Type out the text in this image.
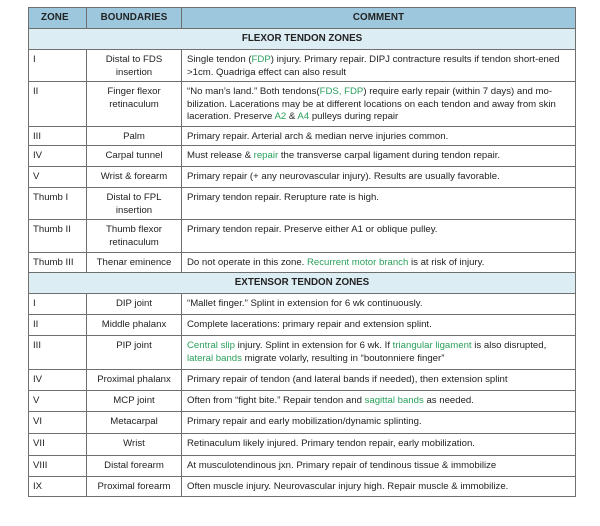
ZONE	BOUNDARIES	COMMENT
FLEXOR TENDON ZONES		
I	Distal to FDS insertion	Single tendon (FDP) injury. Primary repair. DIPJ contracture results if tendon short-ened >1cm. Quadriga effect can also result
II	Finger flexor retinaculum	“No man’s land.” Both tendons(FDS, FDP) require early repair (within 7 days) and mo-bilization. Lacerations may be at different locations on each tendon and away from skin laceration. Preserve A2 & A4 pulleys during repair
III	Palm	Primary repair. Arterial arch & median nerve injuries common.
IV	Carpal tunnel	Must release & repair the transverse carpal ligament during tendon repair.
V	Wrist & forearm	Primary repair (+ any neurovascular injury). Results are usually favorable.
Thumb I	Distal to FPL insertion	Primary tendon repair. Rerupture rate is high.
Thumb II	Thumb flexor retinaculum	Primary tendon repair. Preserve either A1 or oblique pulley.
Thumb III	Thenar eminence	Do not operate in this zone. Recurrent motor branch is at risk of injury.
EXTENSOR TENDON ZONES		
I	DIP joint	“Mallet finger.” Splint in extension for 6 wk continuously.
II	Middle phalanx	Complete lacerations: primary repair and extension splint.
III	PIP joint	Central slip injury. Splint in extension for 6 wk. If triangular ligament is also disrupted, lateral bands migrate volarly, resulting in “boutonniere finger”
IV	Proximal phalanx	Primary repair of tendon (and lateral bands if needed), then extension splint
V	MCP joint	Often from “fight bite.” Repair tendon and sagittal bands as needed.
VI	Metacarpal	Primary repair and early mobilization/dynamic splinting.
VII	Wrist	Retinaculum likely injured. Primary tendon repair, early mobilization.
VIII	Distal forearm	At musculotendinous jxn. Primary repair of tendinous tissue & immobilize
IX	Proximal forearm	Often muscle injury. Neurovascular injury high. Repair muscle & immobilize.
